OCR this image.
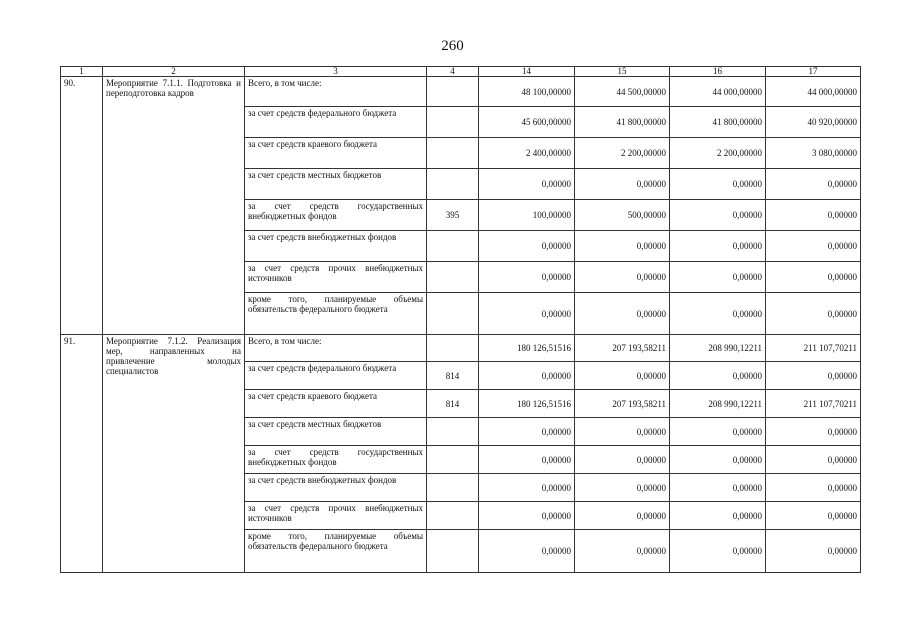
260
1	2	3	4	14	15	16	17
90.	Мероприятие 7.1.1. Подготовка и переподготовка кадров	Всего, в том числе:		48 100,00000	44 500,00000	44 000,00000	44 000,00000
		за счет средств федерального бюджета		45 600,00000	41 800,00000	41 800,00000	40 920,00000
		за счет средств краевого бюджета		2 400,00000	2 200,00000	2 200,00000	3 080,00000
		за счет средств местных бюджетов		0,00000	0,00000	0,00000	0,00000
		за счет средств государственных внебюджетных фондов	395	100,00000	500,00000	0,00000	0,00000
		за счет средств внебюджетных фондов		0,00000	0,00000	0,00000	0,00000
		за счет средств прочих внебюджетных источников		0,00000	0,00000	0,00000	0,00000
		кроме того, планируемые объемы обязательств федерального бюджета		0,00000	0,00000	0,00000	0,00000
91.	Мероприятие 7.1.2. Реализация мер, направленных на привлечение молодых специалистов	Всего, в том числе:		180 126,51516	207 193,58211	208 990,12211	211 107,70211
		за счет средств федерального бюджета	814	0,00000	0,00000	0,00000	0,00000
		за счет средств краевого бюджета	814	180 126,51516	207 193,58211	208 990,12211	211 107,70211
		за счет средств местных бюджетов		0,00000	0,00000	0,00000	0,00000
		за счет средств государственных внебюджетных фондов		0,00000	0,00000	0,00000	0,00000
		за счет средств внебюджетных фондов		0,00000	0,00000	0,00000	0,00000
		за счет средств прочих внебюджетных источников		0,00000	0,00000	0,00000	0,00000
		кроме того, планируемые объемы обязательств федерального бюджета		0,00000	0,00000	0,00000	0,00000
